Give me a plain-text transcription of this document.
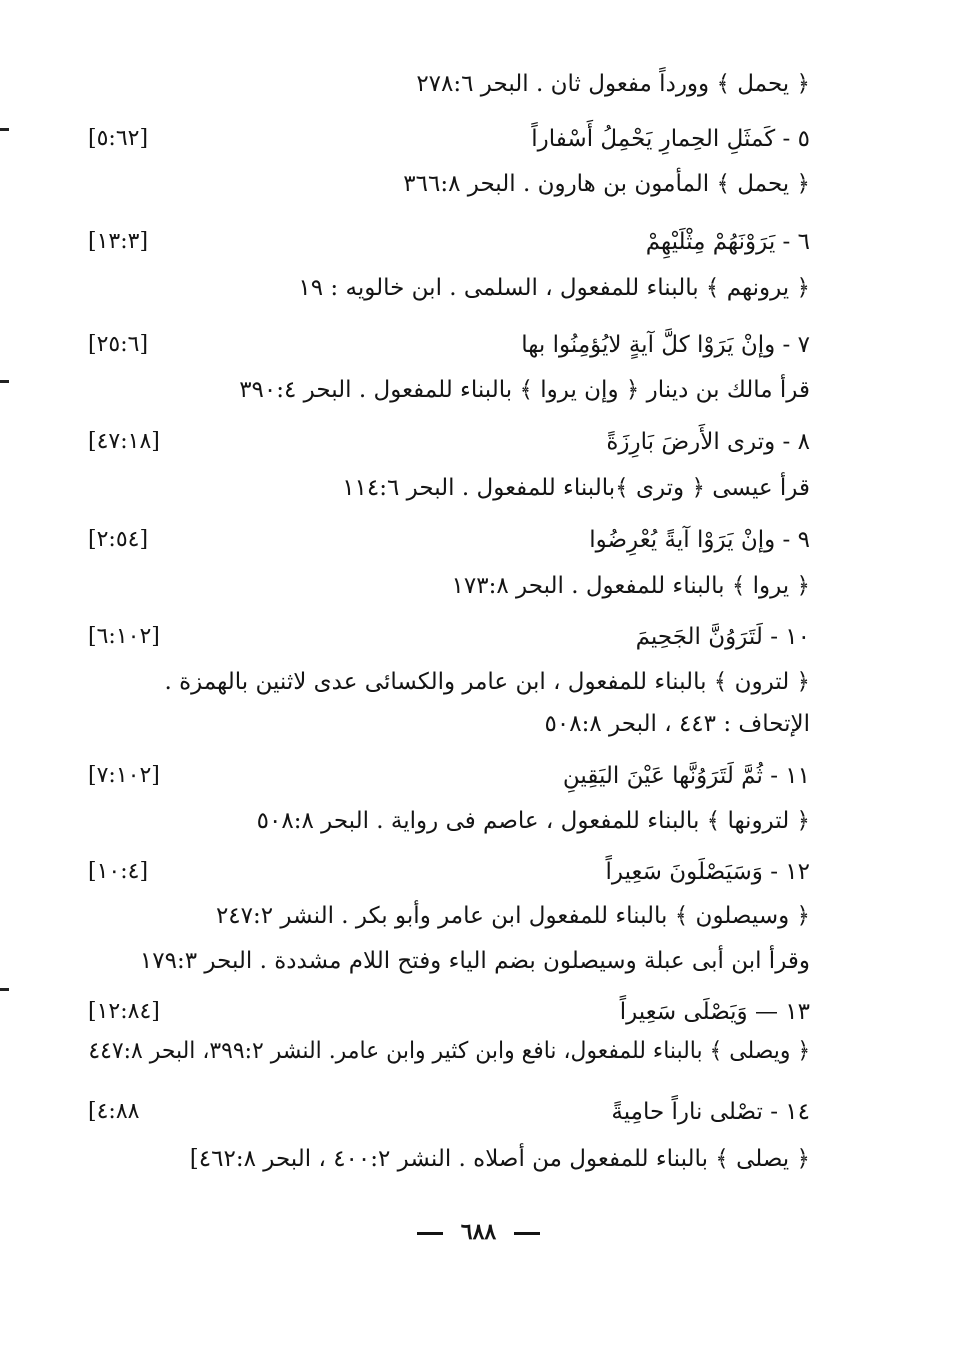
﴿ يحمل ﴾ وورداً مفعول ثان . البحر ٢٧٨:٦
٥ - كَمثَلِ الحِمارِ يَحْمِلُ أَسْفاراً
[٥:٦٢]
﴿ يحمل ﴾ المأمون بن هارون . البحر ٣٦٦:٨
٦ - يَرَوْنَهُمْ مِثْلَيْهِمْ
[١٣:٣]
﴿ يرونهم ﴾ بالبناء للمفعول ، السلمى . ابن خالويه : ١٩
٧ - وإنْ يَرَوْا كلَّ آيةٍ لايُؤمِنُوا بها
[٢٥:٦]
قرأ مالك بن دينار ﴿ وإن يروا ﴾ بالبناء للمفعول . البحر ٣٩٠:٤
٨ - وترى الأَرضَ بَارِزَةً
[٤٧:١٨]
قرأ عيسى ﴿ وترى ﴾بالبناء للمفعول . البحر ١١٤:٦
٩ - وإنْ يَرَوْا آيةً يُعْرِضُوا
[٢:٥٤]
﴿ يروا ﴾ بالبناء للمفعول . البحر ١٧٣:٨
١٠ - لَتَرَوُنَّ الجَحِيمَ
[٦:١٠٢]
﴿ لترون ﴾ بالبناء للمفعول ، ابن عامر والكسائى عدى لاثنين بالهمزة .
الإتحاف : ٤٤٣ ، البحر ٥٠٨:٨
١١ - ثُمَّ لَتَرَوُنَّها عَيْنَ اليَقِينِ
[٧:١٠٢]
﴿ لترونها ﴾ بالبناء للمفعول ، عاصم فى رواية . البحر ٥٠٨:٨
١٢ - وَسَيَصْلَونَ سَعِيراً
[١٠:٤]
﴿ وسيصلون ﴾ بالبناء للمفعول ابن عامر وأبو بكر . النشر ٢٤٧:٢
وقرأ ابن أبى عبلة وسيصلون بضم الياء وفتح اللام مشددة . البحر ١٧٩:٣
١٣ — وَيَصْلَى سَعِيراً
[١٢:٨٤]
﴿ ويصلى ﴾ بالبناء للمفعول، نافع وابن كثير وابن عامر. النشر ٣٩٩:٢، البحر ٤٤٧:٨
١٤ - تصْلى ناراً حامِيةً
[٤:٨٨
﴿ يصلى ﴾ بالبناء للمفعول من أصلاه . النشر ٤٠٠:٢ ، البحر ٤٦٢:٨]
٦٨٨
